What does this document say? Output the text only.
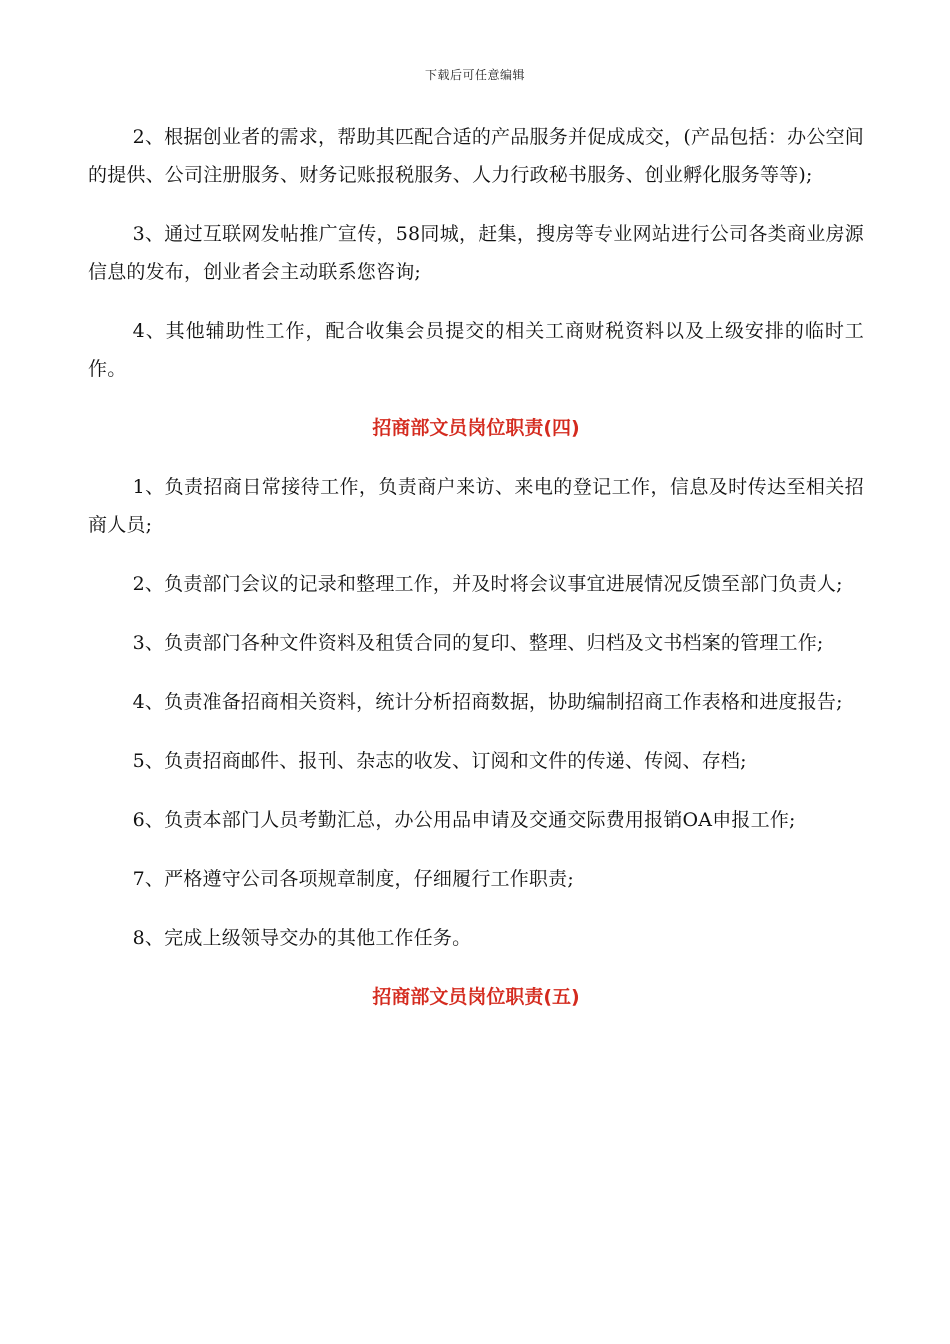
下载后可任意编辑

2、根据创业者的需求，帮助其匹配合适的产品服务并促成成交，(产品包括：办公空间的提供、公司注册服务、财务记账报税服务、人力行政秘书服务、创业孵化服务等等);

3、通过互联网发帖推广宣传，58同城，赶集，搜房等专业网站进行公司各类商业房源信息的发布，创业者会主动联系您咨询;

4、其他辅助性工作，配合收集会员提交的相关工商财税资料以及上级安排的临时工作。

招商部文员岗位职责(四)

1、负责招商日常接待工作，负责商户来访、来电的登记工作，信息及时传达至相关招商人员;

2、负责部门会议的记录和整理工作，并及时将会议事宜进展情况反馈至部门负责人;

3、负责部门各种文件资料及租赁合同的复印、整理、归档及文书档案的管理工作;

4、负责准备招商相关资料，统计分析招商数据，协助编制招商工作表格和进度报告;

5、负责招商邮件、报刊、杂志的收发、订阅和文件的传递、传阅、存档;

6、负责本部门人员考勤汇总，办公用品申请及交通交际费用报销OA申报工作;

7、严格遵守公司各项规章制度，仔细履行工作职责;

8、完成上级领导交办的其他工作任务。

招商部文员岗位职责(五)
